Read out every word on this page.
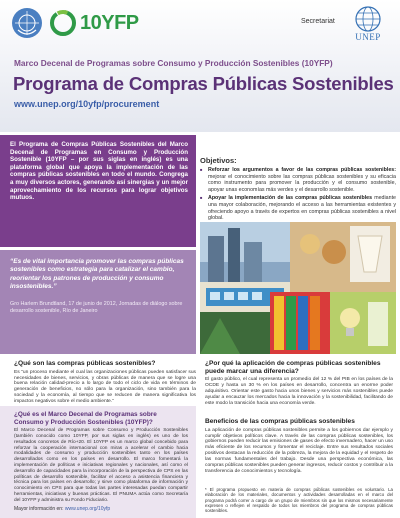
10YFP	Secretariat
UNEP
Marco Decenal de Programas sobre Consumo y Producción Sostenibles (10YFP)
Programa de Compras Públicas Sostenibles
www.unep.org/10yfp/procurement

El Programa de Compras Públicas Sostenibles del Marco Decenal de Programas en Consumo y Producción Sostenible (10YFP – por sus siglas en inglés) es una plataforma global que apoya la implementación de las compras públicas sostenibles en todo el mundo. Congrega a muy diversos actores, generando así sinergias y un mejor aprovechamiento de los recursos para lograr objetivos mutuos.

“Es de vital importancia promover las compras públicas sostenibles como estrategia para catalizar el cambio, reorientar los patrones de producción y consumo insostenibles.”

Gro Harlem Brundtland, 17 de junio de 2012, Jornadas de diálogo sobre desarrollo sostenible, Río de Janeiro

Objetivos:
■ Reforzar los argumentos a favor de las compras públicas sostenibles: mejorar el conocimiento sobre las compras públicas sostenibles y su eficacia como instrumento para promover la producción y el consumo sostenible, apoyar unas economías más verdes y el desarrollo sostenible.
■ Apoyar la implementación de las compras públicas sostenibles mediante una mayor colaboración, mejorando el acceso a las herramientas existentes y ofreciendo apoyo a través de expertos en compras públicas sostenibles a nivel global.
¿Qué son las compras públicas sostenibles?

Es “un proceso mediante el cual las organizaciones públicas pueden satisfacer sus necesidades de bienes, servicios, y obras públicas de manera que se logre una buena relación calidad-precio a lo largo de todo el ciclo de vida en términos de generación de beneficios, no sólo para la organización, sino también para la sociedad y la economía, al tiempo que se reducen de manera significativa los impactos negativos sobre el medio ambiente.”

¿Qué es el Marco Decenal de Programas sobre Consumo y Producción Sostenibles (10YFP)?

El Marco Decenal de Programas sobre Consumo y Producción Sostenibles (también conocido como 10YFP, por sus siglas en inglés) es uno de los resultados concretos de Río+20. El 10YFP es un marco global concebido para reforzar la cooperación internacional con miras a acelerar el cambio hacia modalidades de consumo y producción sostenibles tanto en los países desarrollados como en los países en desarrollo. El marco fomentará la implementación de políticas e iniciativas regionales y nacionales, así como el desarrollo de capacidades para la incorporación de la perspectiva de CPS en las políticas de desarrollo sostenible, facilitar el acceso a asistencia financiera y técnica para los países en desarrollo; y sirve como plataforma de información y conocimiento en CPS para que todas las partes interesadas puedan compartir herramientas, iniciativas y buenas prácticas. El PNUMA actúa como Secretaría del 10YFP y administra su Fondo Fiduciario.

Mayor información en: www.unep.org/10yfp

¿Por qué la aplicación de compras públicas sostenibles puede marcar una diferencia?

El gasto público, el cual representa un promedio del 12 % del PIB en los países de la OCDE y hasta un 30 % en los países en desarrollo, concentra un enorme poder adquisitivo. Orientar este gasto hacia unos bienes y servicios más sostenibles puede ayudar a encauzar los mercados hacia la innovación y la sostenibilidad, facilitando de este modo la transición hacia una economía verde.

Beneficios de las compras públicas sostenibles

La aplicación de compras públicas sostenibles permite a los gobiernos dar ejemplo y cumplir objetivos políticos clave. A través de las compras públicas sostenibles, los gobiernos pueden reducir las emisiones de gases de efecto invernadero, hacer un uso más eficiente de los recursos y fomentar el reciclaje. Entre sus resultados sociales positivos destacan la reducción de la pobreza, la mejora de la equidad y el respeto de las normas fundamentales del trabajo. Desde una perspectiva económica, las compras públicas sostenibles pueden generar ingresos, reducir costos y contribuir a la transferencia de conocimientos y tecnología.

* El programa propuesto en materia de compras públicas sostenibles es voluntario. La elaboración de los materiales, documentos y actividades desarrolladas en el marco del programa podrá correr a cargo de un grupo de miembros sin que los mismos necesariamente expresen o reflejen el respaldo de todos los miembros del programa de compras públicas sostenibles.
